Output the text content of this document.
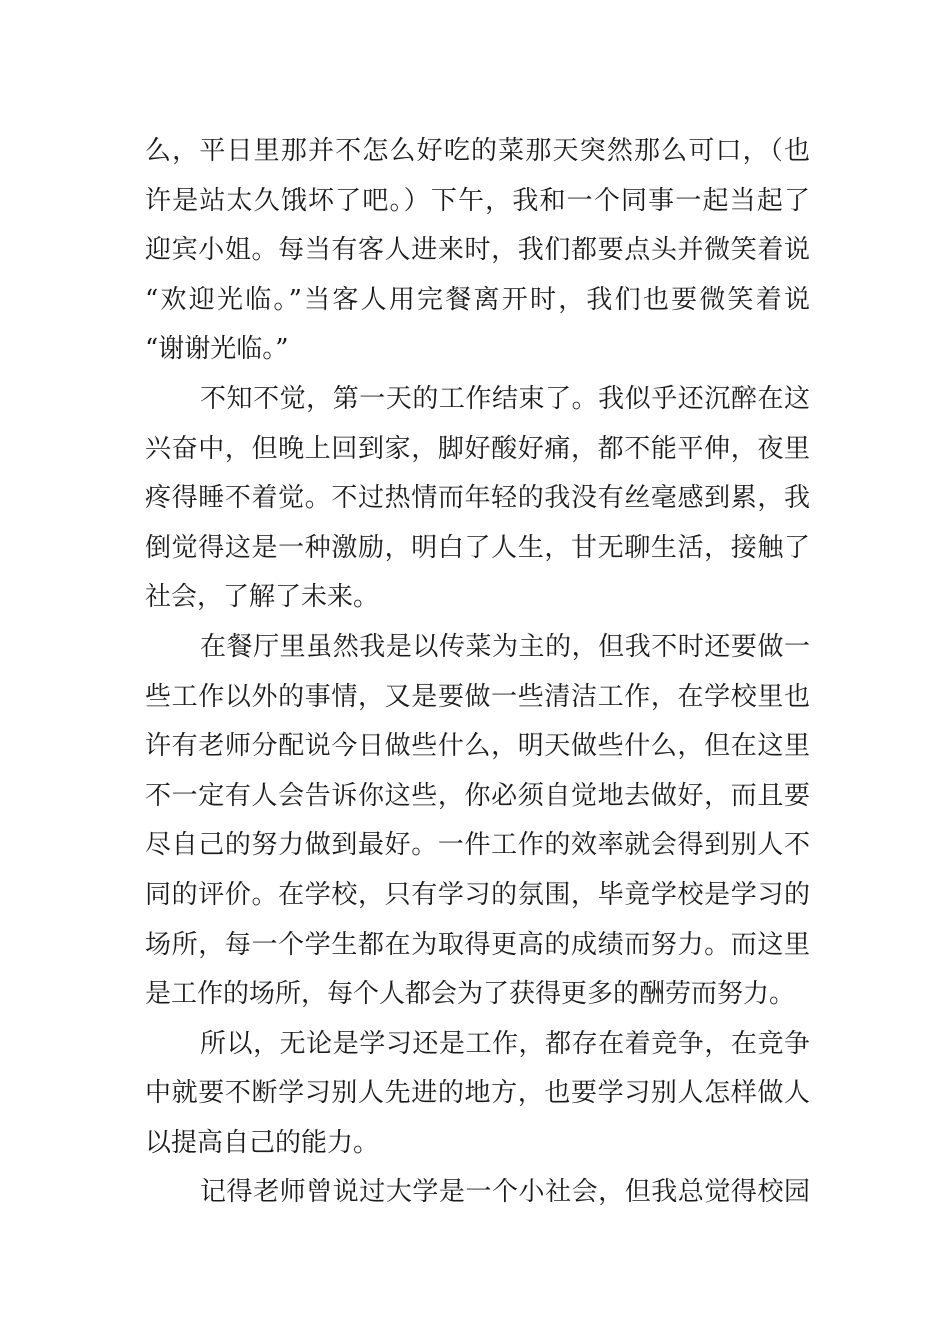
么，平日里那并不怎么好吃的菜那天突然那么可口，（也
许是站太久饿坏了吧。）下午，我和一个同事一起当起了
迎宾小姐。每当有客人进来时，我们都要点头并微笑着说
“欢迎光临。”当客人用完餐离开时，我们也要微笑着说
“谢谢光临。”
不知不觉，第一天的工作结束了。我似乎还沉醉在这
兴奋中，但晚上回到家，脚好酸好痛，都不能平伸，夜里
疼得睡不着觉。不过热情而年轻的我没有丝毫感到累，我
倒觉得这是一种激励，明白了人生，甘无聊生活，接触了
社会，了解了未来。
在餐厅里虽然我是以传菜为主的，但我不时还要做一
些工作以外的事情，又是要做一些清洁工作，在学校里也
许有老师分配说今日做些什么，明天做些什么，但在这里
不一定有人会告诉你这些，你必须自觉地去做好，而且要
尽自己的努力做到最好。一件工作的效率就会得到别人不
同的评价。在学校，只有学习的氛围，毕竟学校是学习的
场所，每一个学生都在为取得更高的成绩而努力。而这里
是工作的场所，每个人都会为了获得更多的酬劳而努力。
所以，无论是学习还是工作，都存在着竞争，在竞争
中就要不断学习别人先进的地方，也要学习别人怎样做人
以提高自己的能力。
记得老师曾说过大学是一个小社会，但我总觉得校园
